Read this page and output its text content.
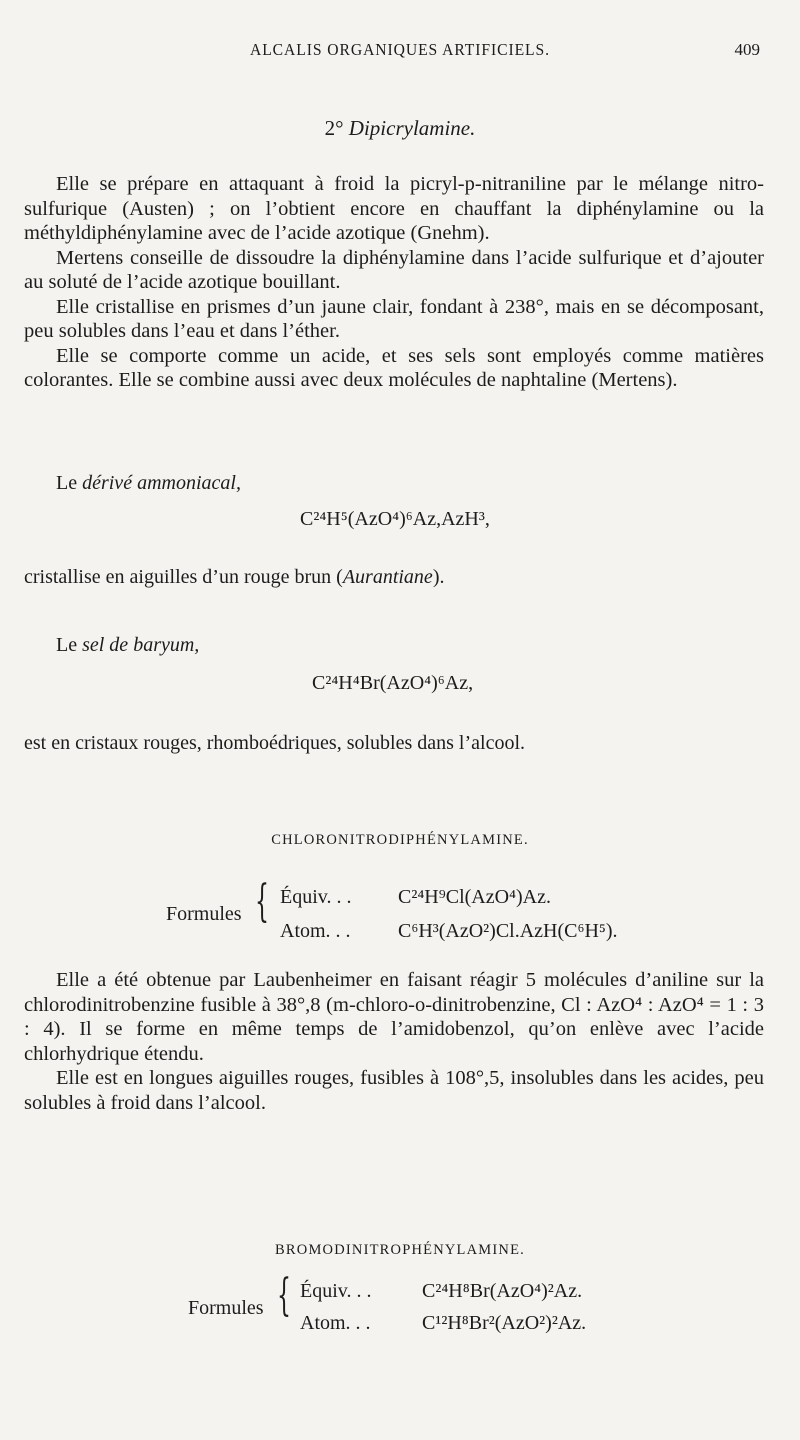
ALCALIS ORGANIQUES ARTIFICIELS.	409
2° Dipicrylamine.

Elle se prépare en attaquant à froid la picryl-p-nitraniline par le mélange nitro-sulfurique (Austen) ; on l’obtient encore en chauffant la diphénylamine ou la méthyldiphénylamine avec de l’acide azotique (Gnehm).

Mertens conseille de dissoudre la diphénylamine dans l’acide sulfurique et d’ajouter au soluté de l’acide azotique bouillant.

Elle cristallise en prismes d’un jaune clair, fondant à 238°, mais en se décomposant, peu solubles dans l’eau et dans l’éther.

Elle se comporte comme un acide, et ses sels sont employés comme matières colorantes. Elle se combine aussi avec deux molécules de naphtaline (Mertens).

Le dérivé ammoniacal,
C²⁴H⁵(AzO⁴)⁶Az,AzH³,
cristallise en aiguilles d’un rouge brun (Aurantiane).
Le sel de baryum,
C²⁴H⁴Br(AzO⁴)⁶Az,
est en cristaux rouges, rhomboédriques, solubles dans l’alcool.
CHLORONITRODIPHÉNYLAMINE.
Formules { Équiv. . . C²⁴H⁹Cl(AzO⁴)Az.
Atom. . . C⁶H³(AzO²)Cl.AzH(C⁶H⁵).

Elle a été obtenue par Laubenheimer en faisant réagir 5 molécules d’aniline sur la chlorodinitrobenzine fusible à 38°,8 (m-chloro-o-dinitrobenzine, Cl : AzO⁴ : AzO⁴ = 1 : 3 : 4). Il se forme en même temps de l’amidobenzol, qu’on enlève avec l’acide chlorhydrique étendu.

Elle est en longues aiguilles rouges, fusibles à 108°,5, insolubles dans les acides, peu solubles à froid dans l’alcool.

BROMODINITROPHÉNYLAMINE.
Formules { Équiv. . .	C²⁴H⁸Br(AzO⁴)²Az.
Atom. . .	C¹²H⁸Br²(AzO²)²Az.
